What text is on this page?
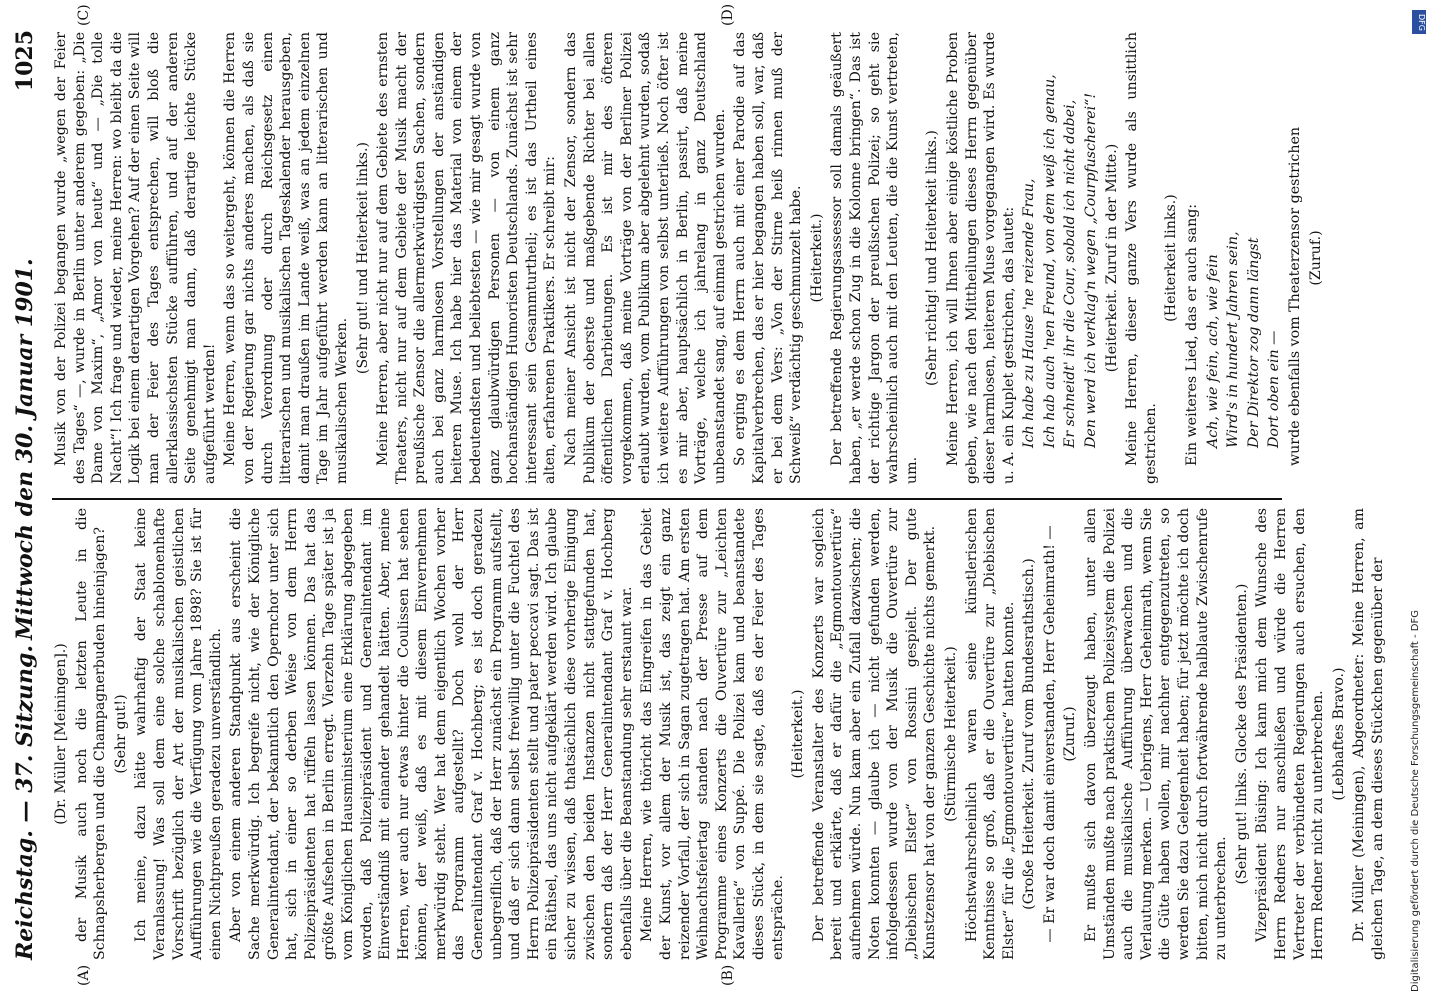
Reichstag. — 37. Sitzung.
Mittwoch den 30. Januar 1901.
1025
(A)	(B)
(C)	(D)

(Dr. Müller [Meiningen].) der Musik auch noch die letzten Leute in die Schnapsherbergen und die Champagnerbuden hineinjagen? (Sehr gut!) Ich meine, dazu hätte wahrhaftig der Staat keine Veranlassung! Was soll dem eine solche schablonenhafte Vorschrift bezüglich der Art der musikalischen geistlichen Aufführungen wie die Verfügung vom Jahre 1898? Sie ist für einen Nichtpreußen geradezu unverständlich. Aber von einem anderen Standpunkt aus erscheint die Sache merkwürdig. Ich begreife nicht, wie der Königliche Generalintendant, der bekanntlich den Opernchor unter sich hat, sich in einer so derben Weise von dem Herrn Polizeipräsidenten hat rüffeln lassen können. Das hat das größte Aufsehen in Berlin erregt. Vierzehn Tage später ist ja vom Königlichen Hausministerium eine Erklärung abgegeben worden, daß Polizeipräsident und Generalintendant im Einverständniß mit einander gehandelt hätten. Aber, meine Herren, wer auch nur etwas hinter die Coulissen hat sehen können, der weiß, daß es mit diesem Einvernehmen merkwürdig steht. Wer hat denn eigentlich Wochen vorher das Programm aufgestellt? Doch wohl der Herr Generalintendant Graf v. Hochberg; es ist doch geradezu unbegreiflich, daß der Herr zunächst ein Programm aufstellt, und daß er sich dann selbst freiwillig unter die Fuchtel des Herrn Polizeipräsidenten stellt und pater peccavi sagt. Das ist ein Räthsel, das uns nicht aufgeklärt werden wird. Ich glaube sicher zu wissen, daß thatsächlich diese vorherige Einigung zwischen den beiden Instanzen nicht stattgefunden hat, sondern daß der Herr Generalintendant Graf v. Hochberg ebenfalls über die Beanstandung sehr erstaunt war. Meine Herren, wie thöricht das Eingreifen in das Gebiet der Kunst, vor allem der Musik ist, das zeigt ein ganz reizender Vorfall, der sich in Sagan zugetragen hat. Am ersten Weihnachtsfeiertag standen nach der Presse auf dem Programme eines Konzerts die Ouvertüre zur „Leichten Kavallerie“ von Suppé. Die Polizei kam und beanstandete dieses Stück, in dem sie sagte, daß es der Feier des Tages entspräche.

(Heiterkeit.) Der betreffende Veranstalter des Konzerts war sogleich bereit und erklärte, daß er dafür die „Egmontouvertüre“ aufnehmen würde. Nun kam aber ein Zufall dazwischen; die Noten konnten — glaube ich — nicht gefunden werden, infolgedessen wurde von der Musik die Ouvertüre zur „Diebischen Elster“ von Rossini gespielt. Der gute Kunstzensor hat von der ganzen Geschichte nichts gemerkt. (Stürmische Heiterkeit.) Höchstwahrscheinlich waren seine künstlerischen Kenntnisse so groß, daß er die Ouvertüre zur „Diebischen Elster“ für die „Egmontouvertüre“ hatten konnte. (Große Heiterkeit. Zuruf vom Bundesrathstisch.) — Er war doch damit einverstanden, Herr Geheimrath! — (Zuruf.) Er mußte sich davon überzeugt haben, unter allen Umständen mußte nach praktischem Polizeisystem die Polizei auch die musikalische Aufführung überwachen und die Verlautung merken. — Uebrigens, Herr Geheimrath, wenn Sie die Güte haben wollen, mir nachher entgegenzutreten, so werden Sie dazu Gelegenheit haben; für jetzt möchte ich doch bitten, mich nicht durch fortwährende halblaute Zwischenrufe zu unterbrechen.

(Sehr gut! links. Glocke des Präsidenten.) Vizepräsident Büsing: Ich kann mich dem Wunsche des Herrn Redners nur anschließen und würde die Herren Vertreter der verbündeten Regierungen auch ersuchen, den Herrn Redner nicht zu unterbrechen. (Lebhaftes Bravo.) Dr. Müller (Meiningen), Abgeordneter: Meine Herren, am gleichen Tage, an dem dieses Stückchen gegenüber der

Musik von der Polizei begangen wurde „wegen der Feier des Tages“ —, wurde in Berlin unter anderem gegeben: „Die Dame von Maxim“, „Amor von heute“ und — „Die tolle Nacht“! Ich frage und wieder, meine Herren: wo bleibt da die Logik bei einem derartigen Vorgehen? Auf der einen Seite will man der Feier des Tages entsprechen, will bloß die allerklassischsten Stücke aufführen, und auf der anderen Seite genehmigt man dann, daß derartige leichte Stücke aufgeführt werden! Meine Herren, wenn das so weitergeht, können die Herren von der Regierung gar nichts anderes machen, als daß sie durch Verordnung oder durch Reichsgesetz einen litterarischen und musikalischen Tageskalender herausgeben, damit man draußen im Lande weiß, was an jedem einzelnen Tage im Jahr aufgeführt werden kann an litterarischen und musikalischen Werken.

(Sehr gut! und Heiterkeit links.) Meine Herren, aber nicht nur auf dem Gebiete des ernsten Theaters, nicht nur auf dem Gebiete der Musik macht der preußische Zensor die allermerkwürdigsten Sachen, sondern auch bei ganz harmlosen Vorstellungen der anständigen heiteren Muse. Ich habe hier das Material von einem der bedeutendsten und beliebtesten — wie mir gesagt wurde von ganz glaubwürdigen Personen — von einem ganz hochanständigen Humoristen Deutschlands. Zunächst ist sehr interessant sein Gesammturtheil; es ist das Urtheil eines alten, erfahrenen Praktikers. Er schreibt mir: Nach meiner Ansicht ist nicht der Zensor, sondern das Publikum der oberste und maßgebende Richter bei allen öffentlichen Darbietungen. Es ist mir des öfteren vorgekommen, daß meine Vorträge von der Berliner Polizei erlaubt wurden, vom Publikum aber abgelehnt wurden, sodaß ich weitere Aufführungen von selbst unterließ. Noch öfter ist es mir aber, hauptsächlich in Berlin, passirt, daß meine Vorträge, welche ich jahrelang in ganz Deutschland unbeanstandet sang, auf einmal gestrichen wurden. So erging es dem Herrn auch mit einer Parodie auf das Kapitalverbrechen, das er hier begangen haben soll, war, daß er bei dem Vers: „Von der Stirne heiß rinnen muß der Schweiß“ verdächtig geschmunzelt habe. (Heiterkeit.) Der betreffende Regierungsassessor soll damals geäußert haben, „er werde schon Zug in die Kolonne bringen“. Das ist der richtige Jargon der preußischen Polizei; so geht sie wahrscheinlich auch mit den Leuten, die die Kunst vertreten, um.

(Sehr richtig! und Heiterkeit links.) Meine Herren, ich will Ihnen aber einige köstliche Proben geben, wie nach den Mittheilungen dieses Herrn gegenüber dieser harmlosen, heiteren Muse vorgegangen wird. Es wurde u. A. ein Kuplet gestrichen, das lautet: Ich habe zu Hause 'ne reizende Frau, Ich hab auch 'nen Freund, von dem weiß ich genau, Er schneidt' ihr die Cour, sobald ich nicht dabei, Den werd ich verklag'n wegen „Courpfuscherei“! (Heiterkeit. Zuruf in der Mitte.) Meine Herren, dieser ganze Vers wurde als unsittlich gestrichen.

(Heiterkeit links.) Ein weiteres Lied, das er auch sang: Ach, wie fein, ach, wie fein Wird's in hundert Jahren sein, Der Direktor zog dann längst Dort oben ein — wurde ebenfalls vom Theaterzensor gestrichen (Zuruf.)

Digitalisierung gefördert durch die Deutsche Forschungsgemeinschaft - DFG
DFG
